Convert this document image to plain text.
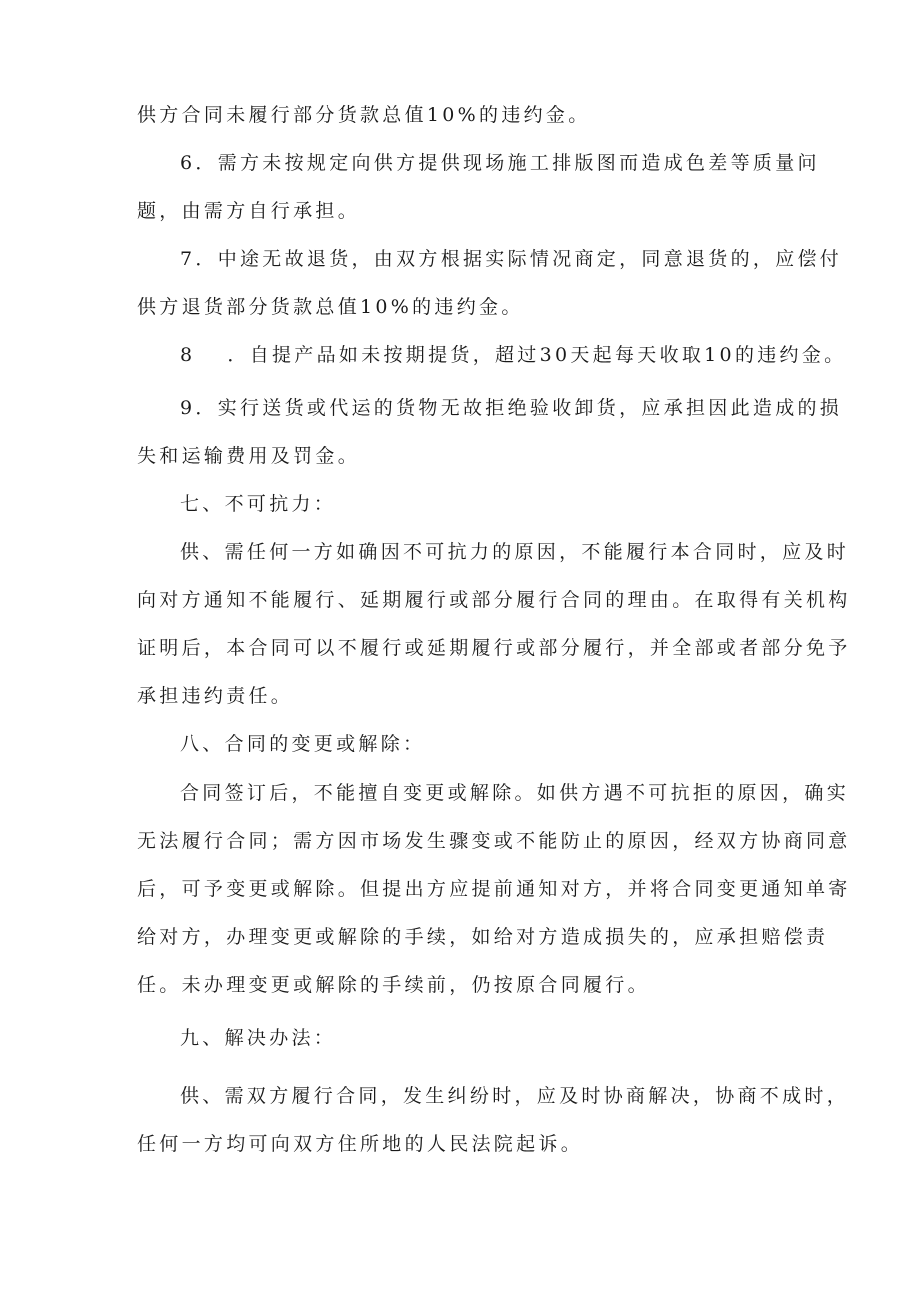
供方合同未履行部分货款总值10%的违约金。
6．需方未按规定向供方提供现场施工排版图而造成色差等质量问
题，由需方自行承担。
7．中途无故退货，由双方根据实际情况商定，同意退货的，应偿付
供方退货部分货款总值10%的违约金。
8 ．自提产品如未按期提货，超过30天起每天收取10的违约金。
9．实行送货或代运的货物无故拒绝验收卸货，应承担因此造成的损
失和运输费用及罚金。
七、不可抗力：
供、需任何一方如确因不可抗力的原因，不能履行本合同时，应及时
向对方通知不能履行、延期履行或部分履行合同的理由。在取得有关机构
证明后，本合同可以不履行或延期履行或部分履行，并全部或者部分免予
承担违约责任。
八、合同的变更或解除：
合同签订后，不能擅自变更或解除。如供方遇不可抗拒的原因，确实
无法履行合同；需方因市场发生骤变或不能防止的原因，经双方协商同意
后，可予变更或解除。但提出方应提前通知对方，并将合同变更通知单寄
给对方，办理变更或解除的手续，如给对方造成损失的，应承担赔偿责
任。未办理变更或解除的手续前，仍按原合同履行。
九、解决办法：
供、需双方履行合同，发生纠纷时，应及时协商解决，协商不成时，
任何一方均可向双方住所地的人民法院起诉。
